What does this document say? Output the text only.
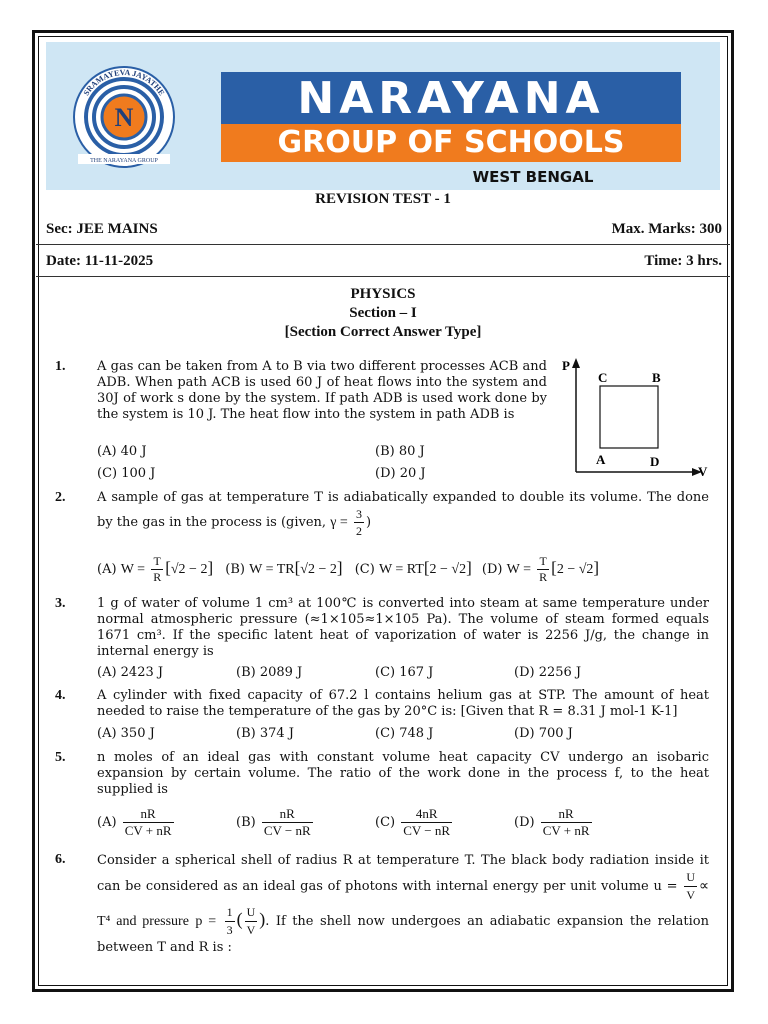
N
SRAMAYEVA JAYATHE
THE NARAYANA GROUP
NARAYANA
GROUP OF SCHOOLS
WEST BENGAL
REVISION TEST - 1
Sec: JEE MAINS	Max. Marks: 300
Date: 11-11-2025	Time: 3 hrs.
PHYSICS
Section – I
[Section Correct Answer Type]
1. A gas can be taken from A to B via two different processes ACB and ADB. When path ACB is used 60 J of heat flows into the system and 30J of work s done by the system. If path ADB is used work done by the system is 10 J. The heat flow into the system in path ADB is
(A) 40 J	(B) 80 J
(C) 100 J	(D) 20 J
P
V
C	B
A	D
2. A sample of gas at temperature T is adiabatically expanded to double its volume. The done by the gas in the process is (given, $\gamma = \frac{3}{2}$ )
(A) $W = \frac{T}{R} [√2 - 2]$ (B) W = TR[√2 − 2] (C) W = RT[2 − √2] (D) $W = \frac{T}{R} [2 - √2]$
3. 1 g of water of volume 1 cm³ at 100℃ is converted into steam at same temperature under normal atmospheric pressure (≈1×105≈1×105 Pa). The volume of steam formed equals 1671 cm³. If the specific latent heat of vaporization of water is 2256 J/g, the change in internal energy is
(A) 2423 J	(B) 2089 J	(C) 167 J	(D) 2256 J
4. A cylinder with fixed capacity of 67.2 l contains helium gas at STP. The amount of heat needed to raise the temperature of the gas by 20°C is: [Given that R = 8.31 J mol-1 K-1]
(A) 350 J	(B) 374 J	(C) 748 J	(D) 700 J
5. n moles of an ideal gas with constant volume heat capacity CV undergo an isobaric expansion by certain volume. The ratio of the work done in the process f, to the heat supplied is
$(A) \frac{nR}{CV + nR}$	$(B) \frac{nR}{CV - nR}$	$(C) \frac{4nR}{CV - nR}$	$(D) \frac{nR}{CV + nR}$
6. Consider a spherical shell of radius R at temperature T. The black body radiation inside it can be considered as an ideal gas of photons with internal energy per unit volume $u = \frac{U}{V} \propto T^4$ and pressure $p = \frac{1}{3}$ ( $\frac{U}{V}$ ). If the shell now undergoes an adiabatic expansion the relation between T and R is :
